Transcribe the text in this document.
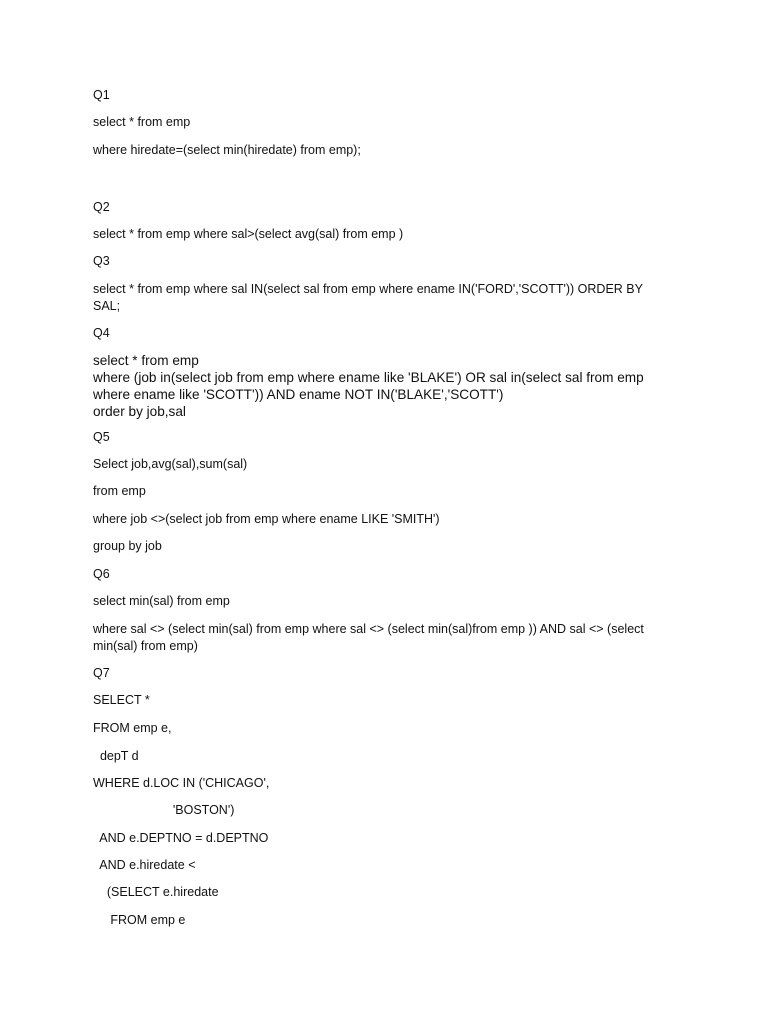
Q1

select * from emp

where hiredate=(select min(hiredate) from emp);

Q2

select * from emp where sal>(select avg(sal) from emp )

Q3

select * from emp where sal IN(select sal from emp where ename IN('FORD','SCOTT')) ORDER BY SAL;

Q4

select * from emp

where (job in(select job from emp where ename like 'BLAKE') OR sal in(select sal from emp where ename like 'SCOTT')) AND ename NOT IN('BLAKE','SCOTT')

order by job,sal

Q5

Select job,avg(sal),sum(sal)

from emp

where job <>(select job from emp where ename LIKE 'SMITH')

group by job

Q6

select min(sal) from emp

where sal <> (select min(sal) from emp where sal <> (select min(sal)from emp )) AND sal <> (select min(sal) from emp)

Q7

SELECT *

FROM emp e,

depT d

WHERE d.LOC IN ('CHICAGO',

'BOSTON')

AND e.DEPTNO = d.DEPTNO

AND e.hiredate <

(SELECT e.hiredate

FROM emp e
